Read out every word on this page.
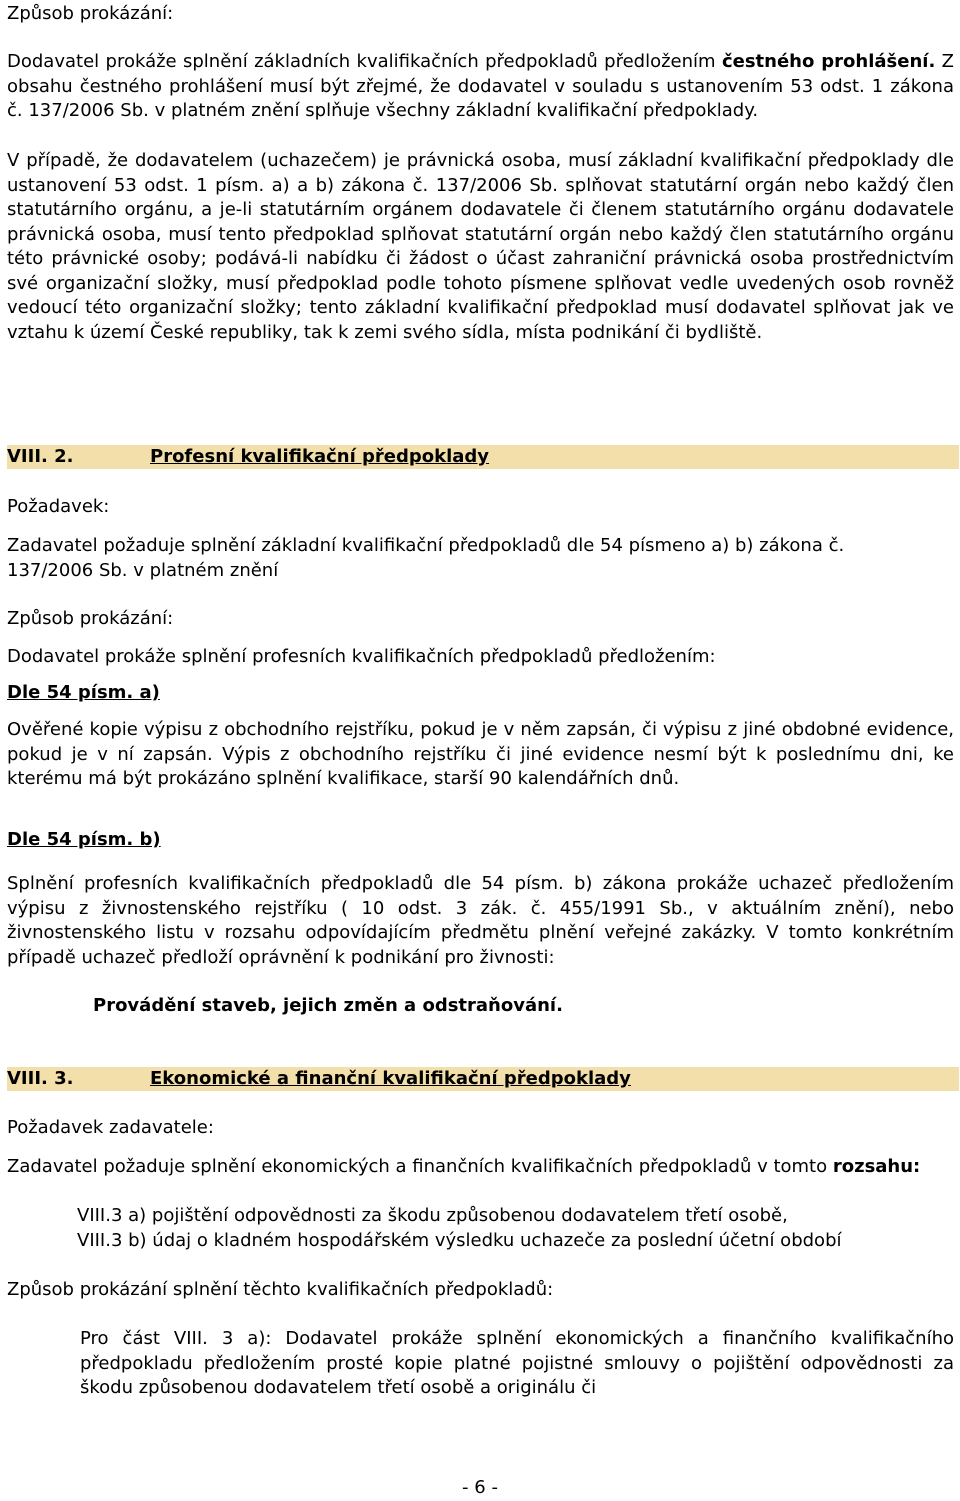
Způsob prokázání:

Dodavatel prokáže splnění základních kvalifikačních předpokladů předložením čestného prohlášení. Z obsahu čestného prohlášení musí být zřejmé, že dodavatel v souladu s ustanovením 53 odst. 1 zákona č. 137/2006 Sb. v platném znění splňuje všechny základní kvalifikační předpoklady.

V případě, že dodavatelem (uchazečem) je právnická osoba, musí základní kvalifikační předpoklady dle ustanovení 53 odst. 1 písm. a) a b) zákona č. 137/2006 Sb. splňovat statutární orgán nebo každý člen statutárního orgánu, a je-li statutárním orgánem dodavatele či členem statutárního orgánu dodavatele právnická osoba, musí tento předpoklad splňovat statutární orgán nebo každý člen statutárního orgánu této právnické osoby; podává-li nabídku či žádost o účast zahraniční právnická osoba prostřednictvím své organizační složky, musí předpoklad podle tohoto písmene splňovat vedle uvedených osob rovněž vedoucí této organizační složky; tento základní kvalifikační předpoklad musí dodavatel splňovat jak ve vztahu k území České republiky, tak k zemi svého sídla, místa podnikání či bydliště.

VIII. 2.	Profesní kvalifikační předpoklady

Požadavek:

Zadavatel požaduje splnění základní kvalifikační předpokladů dle 54 písmeno a) b) zákona č. 137/2006 Sb. v platném znění

Způsob prokázání:

Dodavatel prokáže splnění profesních kvalifikačních předpokladů předložením:

Dle 54 písm. a)

Ověřené kopie výpisu z obchodního rejstříku, pokud je v něm zapsán, či výpisu z jiné obdobné evidence, pokud je v ní zapsán. Výpis z obchodního rejstříku či jiné evidence nesmí být k poslednímu dni, ke kterému má být prokázáno splnění kvalifikace, starší 90 kalendářních dnů.

Dle 54 písm. b)

Splnění profesních kvalifikačních předpokladů dle 54 písm. b) zákona prokáže uchazeč předložením výpisu z živnostenského rejstříku ( 10 odst. 3 zák. č. 455/1991 Sb., v aktuálním znění), nebo živnostenského listu v rozsahu odpovídajícím předmětu plnění veřejné zakázky. V tomto konkrétním případě uchazeč předloží oprávnění k podnikání pro živnosti:

Provádění staveb, jejich změn a odstraňování.

VIII. 3.	Ekonomické a finanční kvalifikační předpoklady

Požadavek zadavatele:

Zadavatel požaduje splnění ekonomických a finančních kvalifikačních předpokladů v tomto rozsahu:

VIII.3 a) pojištění odpovědnosti za škodu způsobenou dodavatelem třetí osobě,

VIII.3 b) údaj o kladném hospodářském výsledku uchazeče za poslední účetní období

Způsob prokázání splnění těchto kvalifikačních předpokladů:

Pro část VIII. 3 a): Dodavatel prokáže splnění ekonomických a finančního kvalifikačního předpokladu předložením prosté kopie platné pojistné smlouvy o pojištění odpovědnosti za škodu způsobenou dodavatelem třetí osobě a originálu či

- 6 -
